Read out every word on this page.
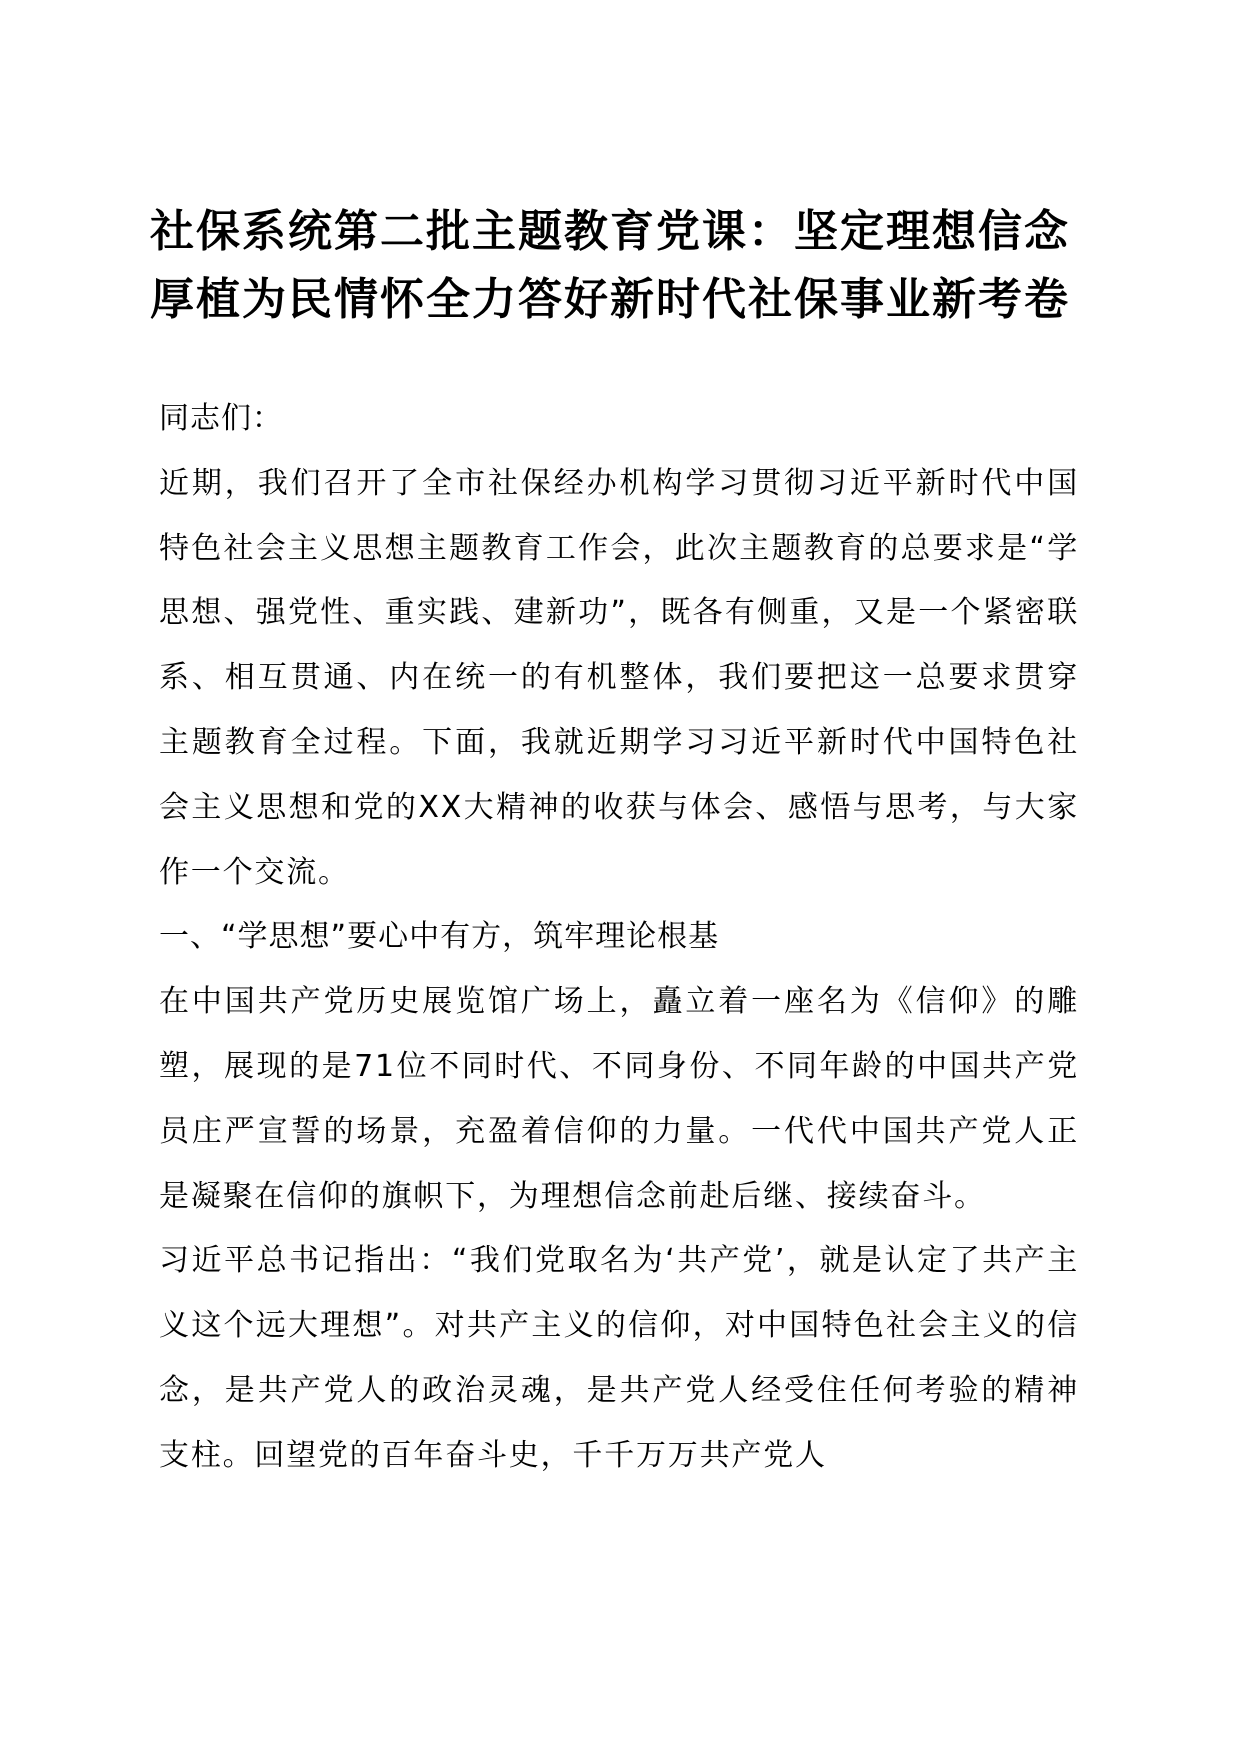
社保系统第二批主题教育党课：坚定理想信念
厚植为民情怀全力答好新时代社保事业新考卷

同志们：

近期，我们召开了全市社保经办机构学习贯彻习近平新时代中国特色社会主义思想主题教育工作会，此次主题教育的总要求是“学思想、强党性、重实践、建新功”，既各有侧重，又是一个紧密联系、相互贯通、内在统一的有机整体，我们要把这一总要求贯穿主题教育全过程。下面，我就近期学习习近平新时代中国特色社会主义思想和党的XX大精神的收获与体会、感悟与思考，与大家作一个交流。

一、“学思想”要心中有方，筑牢理论根基

在中国共产党历史展览馆广场上，矗立着一座名为《信仰》的雕塑，展现的是71位不同时代、不同身份、不同年龄的中国共产党员庄严宣誓的场景，充盈着信仰的力量。一代代中国共产党人正是凝聚在信仰的旗帜下，为理想信念前赴后继、接续奋斗。

习近平总书记指出：“我们党取名为‘共产党’，就是认定了共产主义这个远大理想”。对共产主义的信仰，对中国特色社会主义的信念，是共产党人的政治灵魂，是共产党人经受住任何考验的精神支柱。回望党的百年奋斗史，千千万万共产党人
